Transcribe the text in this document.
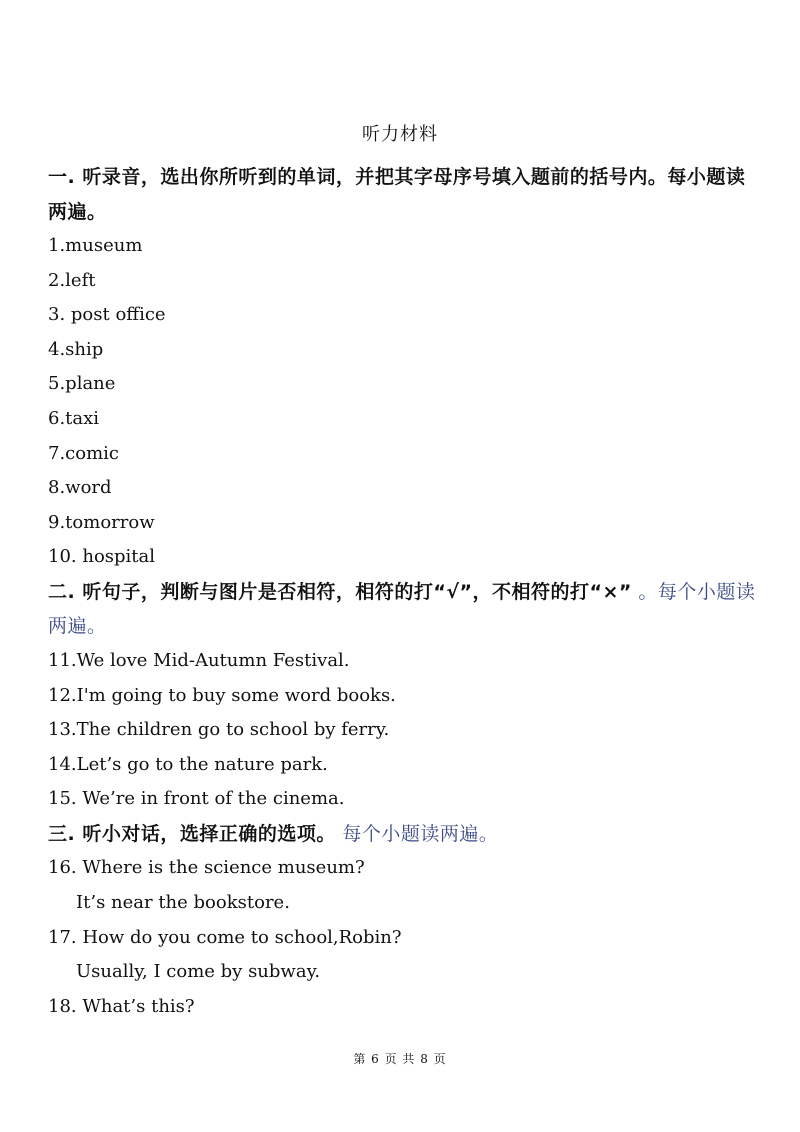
听力材料
一. 听录音，选出你所听到的单词，并把其字母序号填入题前的括号内。每小题读两遍。
1.museum
2.left
3. post office
4.ship
5.plane
6.taxi
7.comic
8.word
9.tomorrow
10. hospital
二. 听句子，判断与图片是否相符，相符的打“√”，不相符的打“×” 。每个小题读两遍。
11.We love Mid-Autumn Festival.
12.I'm going to buy some word books.
13.The children go to school by ferry.
14.Let’s go to the nature park.
15. We’re in front of the cinema.
三. 听小对话，选择正确的选项。 每个小题读两遍。
16. Where is the science museum?
It’s near the bookstore.
17. How do you come to school,Robin?
Usually, I come by subway.
18. What’s this?
第 6 页 共 8 页
